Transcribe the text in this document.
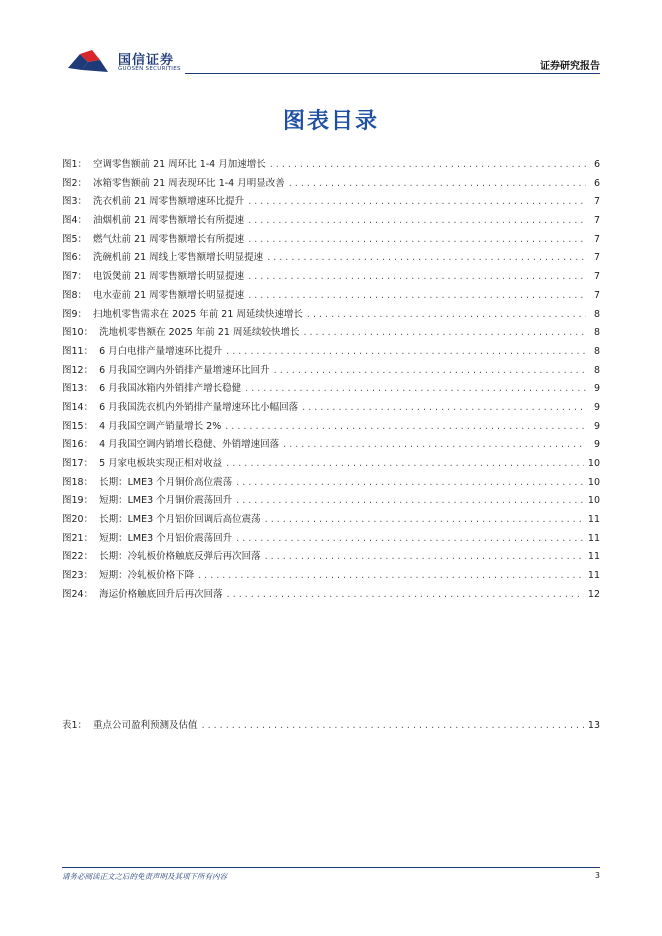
国信证券
GUOSEN SECURITIES	证券研究报告
图表目录
图1： 空调零售额前 21 周环比 1-4 月加速增长 . . .	6
图2： 冰箱零售额前 21 周表现环比 1-4 月明显改善 . . .	6
图3： 洗衣机前 21 周零售额增速环比提升 . . .	7
图4： 油烟机前 21 周零售额增长有所提速 . . .	7
图5： 燃气灶前 21 周零售额增长有所提速 . . .	7
图6： 洗碗机前 21 周线上零售额增长明显提速 . . .	7
图7： 电饭煲前 21 周零售额增长明显提速 . . .	7
图8： 电水壶前 21 周零售额增长明显提速 . . .	7
图9： 扫地机零售需求在 2025 年前 21 周延续快速增长 . . .	8
图10： 洗地机零售额在 2025 年前 21 周延续较快增长 . . .	8
图11： 6 月白电排产量增速环比提升 . . .	8
图12： 6 月我国空调内外销排产量增速环比回升 . . .	8
图13： 6 月我国冰箱内外销排产增长稳健 . . .	9
图14： 6 月我国洗衣机内外销排产量增速环比小幅回落 . . .	9
图15： 4 月我国空调产销量增长 2% . . .	9
图16： 4 月我国空调内销增长稳健、外销增速回落 . . .	9
图17： 5 月家电板块实现正相对收益 . . .	10
图18： 长期：LME3 个月铜价高位震荡 . . .	10
图19： 短期：LME3 个月铜价震荡回升 . . .	10
图20： 长期：LME3 个月铝价回调后高位震荡 . . .	11
图21： 短期：LME3 个月铝价震荡回升 . . .	11
图22： 长期：冷轧板价格触底反弹后再次回落 . . .	11
图23： 短期：冷轧板价格下降 . . .	11
图24： 海运价格触底回升后再次回落 . . .	12
表1： 重点公司盈利预测及估值 . . .	13
请务必阅读正文之后的免责声明及其项下所有内容	3
